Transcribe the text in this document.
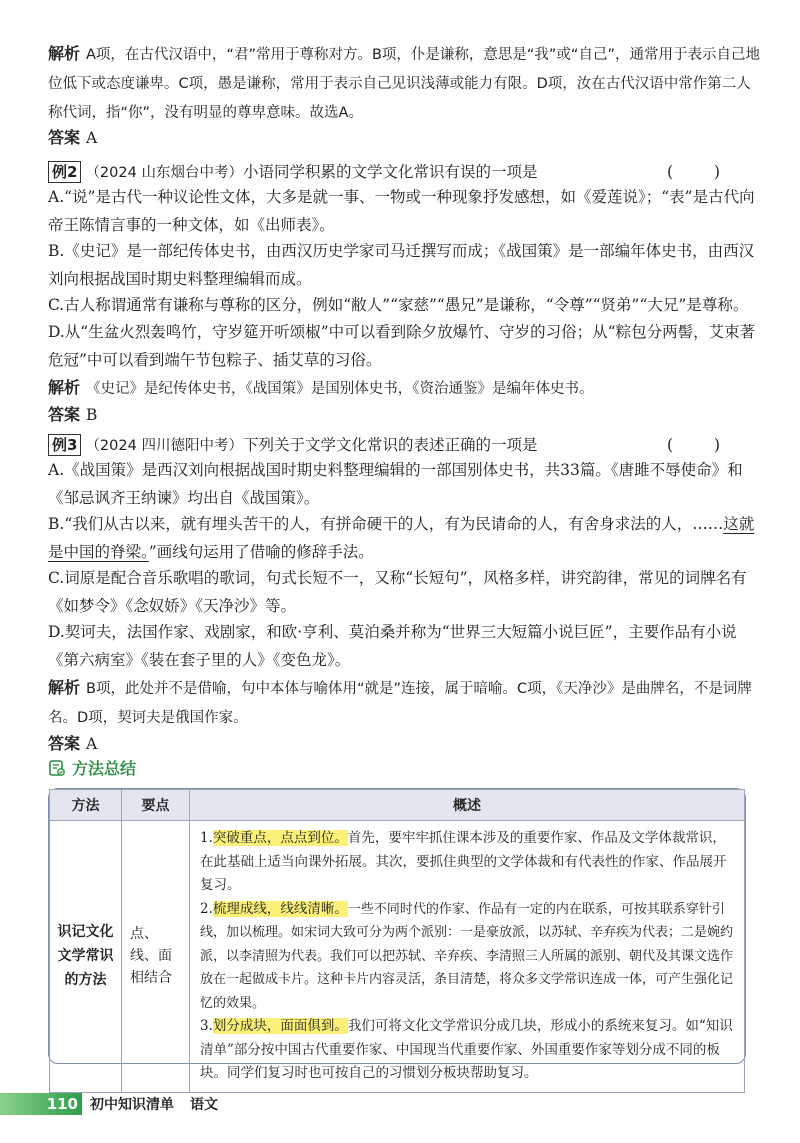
解析 A项，在古代汉语中，“君”常用于尊称对方。B项，仆是谦称，意思是“我”或“自己”，通常用于表示自己地位低下或态度谦卑。C项，愚是谦称，常用于表示自己见识浅薄或能力有限。D项，汝在古代汉语中常作第二人称代词，指“你”，没有明显的尊卑意味。故选A。
答案 A
例2 （2024 山东烟台中考）小语同学积累的文学文化常识有误的一项是	( )
A.“说”是古代一种议论性文体，大多是就一事、一物或一种现象抒发感想，如《爱莲说》；“表”是古代向帝王陈情言事的一种文体，如《出师表》。
B.《史记》是一部纪传体史书，由西汉历史学家司马迁撰写而成；《战国策》是一部编年体史书，由西汉刘向根据战国时期史料整理编辑而成。
C.古人称谓通常有谦称与尊称的区分，例如“敝人”“家慈”“愚兄”是谦称，“令尊”“贤弟”“大兄”是尊称。
D.从“生盆火烈轰鸣竹，守岁筵开听颂椒”中可以看到除夕放爆竹、守岁的习俗；从“粽包分两髻，艾束著危冠”中可以看到端午节包粽子、插艾草的习俗。
解析 《史记》是纪传体史书，《战国策》是国别体史书，《资治通鉴》是编年体史书。
答案 B
例3 （2024 四川德阳中考）下列关于文学文化常识的表述正确的一项是	( )
A.《战国策》是西汉刘向根据战国时期史料整理编辑的一部国别体史书，共33篇。《唐雎不辱使命》和《邹忌讽齐王纳谏》均出自《战国策》。
B.“我们从古以来，就有埋头苦干的人，有拼命硬干的人，有为民请命的人，有舍身求法的人，……这就是中国的脊梁。”画线句运用了借喻的修辞手法。
C.词原是配合音乐歌唱的歌词，句式长短不一，又称“长短句”，风格多样，讲究韵律，常见的词牌名有《如梦令》《念奴娇》《天净沙》等。
D.契诃夫，法国作家、戏剧家，和欧·亨利、莫泊桑并称为“世界三大短篇小说巨匠”，主要作品有小说《第六病室》《装在套子里的人》《变色龙》。
解析 B项，此处并不是借喻，句中本体与喻体用“就是”连接，属于暗喻。C项，《天净沙》是曲牌名，不是词牌名。D项，契诃夫是俄国作家。
答案 A
方法总结
方法	要点	概述
识记文化文学常识的方法	点、线、面相结合	1.突破重点，点点到位。首先，要牢牢抓住课本涉及的重要作家、作品及文学体裁常识，在此基础上适当向课外拓展。其次，要抓住典型的文学体裁和有代表性的作家、作品展开复习。
2.梳理成线，线线清晰。一些不同时代的作家、作品有一定的内在联系，可按其联系穿针引线，加以梳理。如宋词大致可分为两个派别：一是豪放派，以苏轼、辛弃疾为代表；二是婉约派，以李清照为代表。我们可以把苏轼、辛弃疾、李清照三人所属的派别、朝代及其课文选作放在一起做成卡片。这种卡片内容灵活，条目清楚，将众多文学常识连成一体，可产生强化记忆的效果。
3.划分成块，面面俱到。我们可将文化文学常识分成几块，形成小的系统来复习。如“知识清单”部分按中国古代重要作家、中国现当代重要作家、外国重要作家等划分成不同的板块。同学们复习时也可按自己的习惯划分板块帮助复习。
110 初中知识清单 语文
